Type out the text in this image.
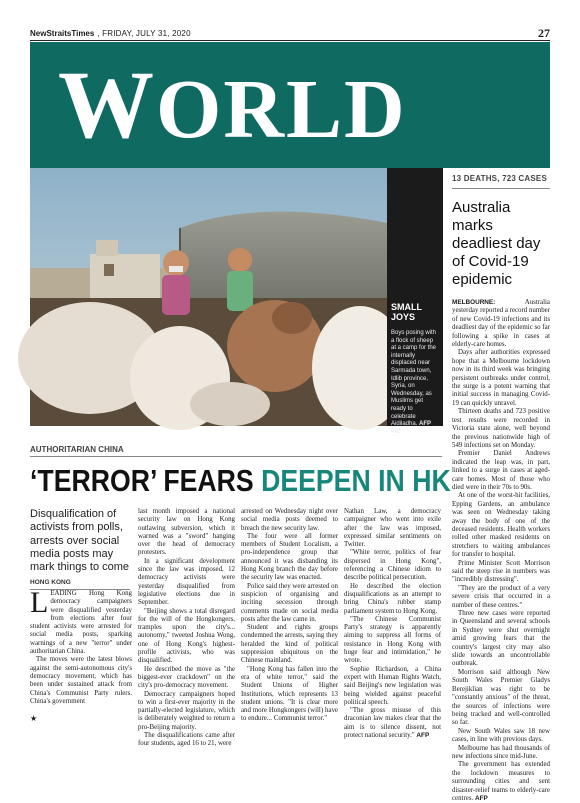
NewStraitsTimes , FRIDAY, JULY 31, 2020	27
WORLD
SMALL JOYS
Boys posing with a flock of sheep at a camp for the internally displaced near Sarmada town, Idlib province, Syria, on Wednesday, as Muslims get ready to celebrate Aidiladha. AFP PIC
13 DEATHS, 723 CASES
Australia marks deadliest day of Covid-19 epidemic

MELBOURNE:	Australia yesterday reported a record number of new Covid-19 infections and its deadliest day of the epidemic so far following a spike in cases at elderly-care homes.

Days after authorities expressed hope that a Melbourne lockdown now in its third week was bringing persistent outbreaks under control, the surge is a potent warning that initial success in managing Covid-19 can quickly unravel.

Thirteen deaths and 723 positive test results were recorded in Victoria state alone, well beyond the previous nationwide high of 549 infections set on Monday.

Premier Daniel Andrews indicated the leap was, in part, linked to a surge in cases at aged-care homes. Most of those who died were in their 70s to 90s.

At one of the worst-hit facilities, Epping Gardens, an ambulance was seen on Wednesday taking away the body of one of the deceased residents. Health workers rolled other masked residents on stretchers to waiting ambulances for transfer to hospital.

Prime Minister Scott Morrison said the steep rise in numbers was "incredibly distressing".

"They are the product of a very severe crisis that occurred in a number of these centres."

Three new cases were reported in Queensland and several schools in Sydney were shut overnight amid growing fears that the country's largest city may also slide towards an uncontrollable outbreak.

Morrison said although New South Wales Premier Gladys Berejiklian was right to be "constantly anxious" of the threat, the sources of infections were being tracked and well-controlled so far.

New South Wales saw 18 new cases, in line with previous days.

Melbourne has had thousands of new infections since mid-June.

The government has extended the lockdown measures to surrounding cities and sent disaster-relief teams to elderly-care centres. AFP

AUTHORITARIAN CHINA
‘TERROR’ FEARS DEEPEN IN HK
Disqualification of activists from polls, arrests over social media posts may mark things to come
HONG KONG

LEADING Hong Kong democracy campaigners were disqualified yesterday from elections after four student activists were arrested for social media posts, sparking warnings of a new "terror" under authoritarian China.

The moves were the latest blows against the semi-autonomous city's democracy movement, which has been under sustained attack from China's Communist Party rulers. China's government

last month imposed a national security law on Hong Kong outlawing subversion, which it warned was a "sword" hanging over the head of democracy protesters.

In a significant development since the law was imposed, 12 democracy activists were yesterday disqualified from legislative elections due in September.

"Beijing shows a total disregard for the will of the Hongkongers, tramples upon the city's... autonomy," tweeted Joshua Wong, one of Hong Kong's highest-profile activists, who was disqualified.

He described the move as "the biggest-ever crackdown" on the city's pro-democracy movement.

Democracy campaigners hoped to win a first-ever majority in the partially-elected legislature, which is deliberately weighted to return a pro-Beijing majority.

The disqualifications came after four students, aged 16 to 21, were

arrested on Wednesday night over social media posts deemed to breach the new security law.

The four were all former members of Student Localism, a pro-independence group that announced it was disbanding its Hong Kong branch the day before the security law was enacted.

Police said they were arrested on suspicion of organising and inciting secession through comments made on social media posts after the law came in.

Student and rights groups condemned the arrests, saying they heralded the kind of political suppression ubiquitous on the Chinese mainland.

"Hong Kong has fallen into the era of white terror," said the Student Unions of Higher Institutions, which represents 13 student unions. "It is clear more and more Hongkongers (will) have to endure... Communist terror."

Nathan Law, a democracy campaigner who went into exile after the law was imposed, expressed similar sentiments on Twitter.

"White terror, politics of fear dispersed in Hong Kong", referencing a Chinese idiom to describe political persecution.

He described the election disqualifications as an attempt to bring China's rubber stamp parliament system to Hong Kong.

"The Chinese Communist Party's strategy is apparently aiming to suppress all forms of resistance in Hong Kong with huge fear and intimidation," he wrote.

Sophie Richardson, a China expert with Human Rights Watch, said Beijing's new legislation was being wielded against peaceful political speech.

"The gross misuse of this draconian law makes clear that the aim is to silence dissent, not protect national security." AFP

★
